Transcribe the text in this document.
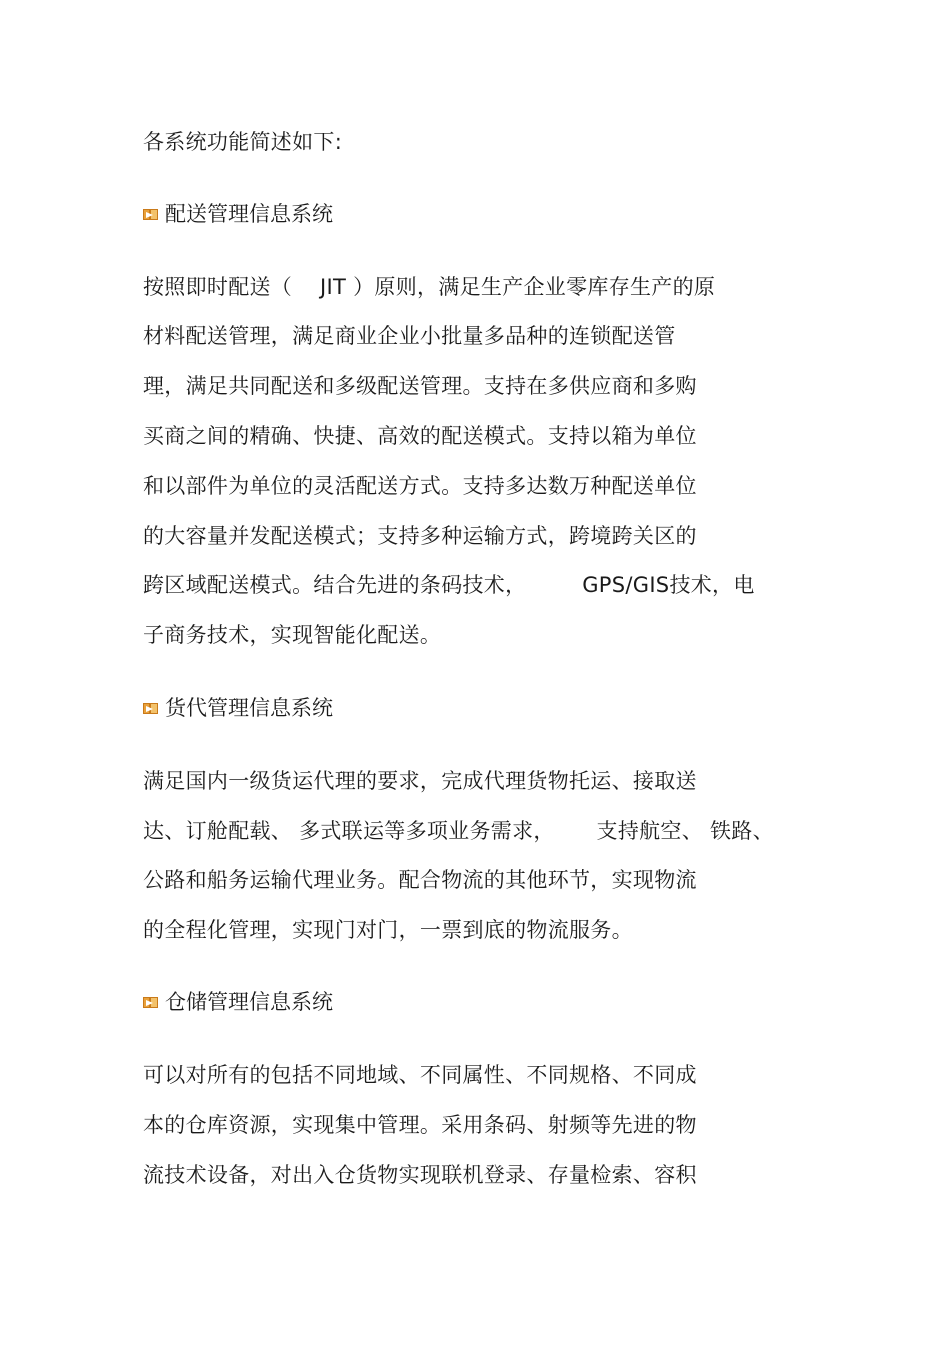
各系统功能简述如下:
配送管理信息系统
按照即时配送（    JIT ）原则，满足生产企业零库存生产的原
材料配送管理，满足商业企业小批量多品种的连锁配送管
理，满足共同配送和多级配送管理。支持在多供应商和多购
买商之间的精确、快捷、高效的配送模式。支持以箱为单位
和以部件为单位的灵活配送方式。支持多达数万种配送单位
的大容量并发配送模式；支持多种运输方式，跨境跨关区的
跨区域配送模式。结合先进的条码技术，        GPS/GIS技术，电
子商务技术，实现智能化配送。
货代管理信息系统
满足国内一级货运代理的要求，完成代理货物托运、接取送
达、订舱配载、 多式联运等多项业务需求，      支持航空、 铁路、
公路和船务运输代理业务。配合物流的其他环节，实现物流
的全程化管理，实现门对门，一票到底的物流服务。
仓储管理信息系统
可以对所有的包括不同地域、不同属性、不同规格、不同成
本的仓库资源，实现集中管理。采用条码、射频等先进的物
流技术设备，对出入仓货物实现联机登录、存量检索、容积
